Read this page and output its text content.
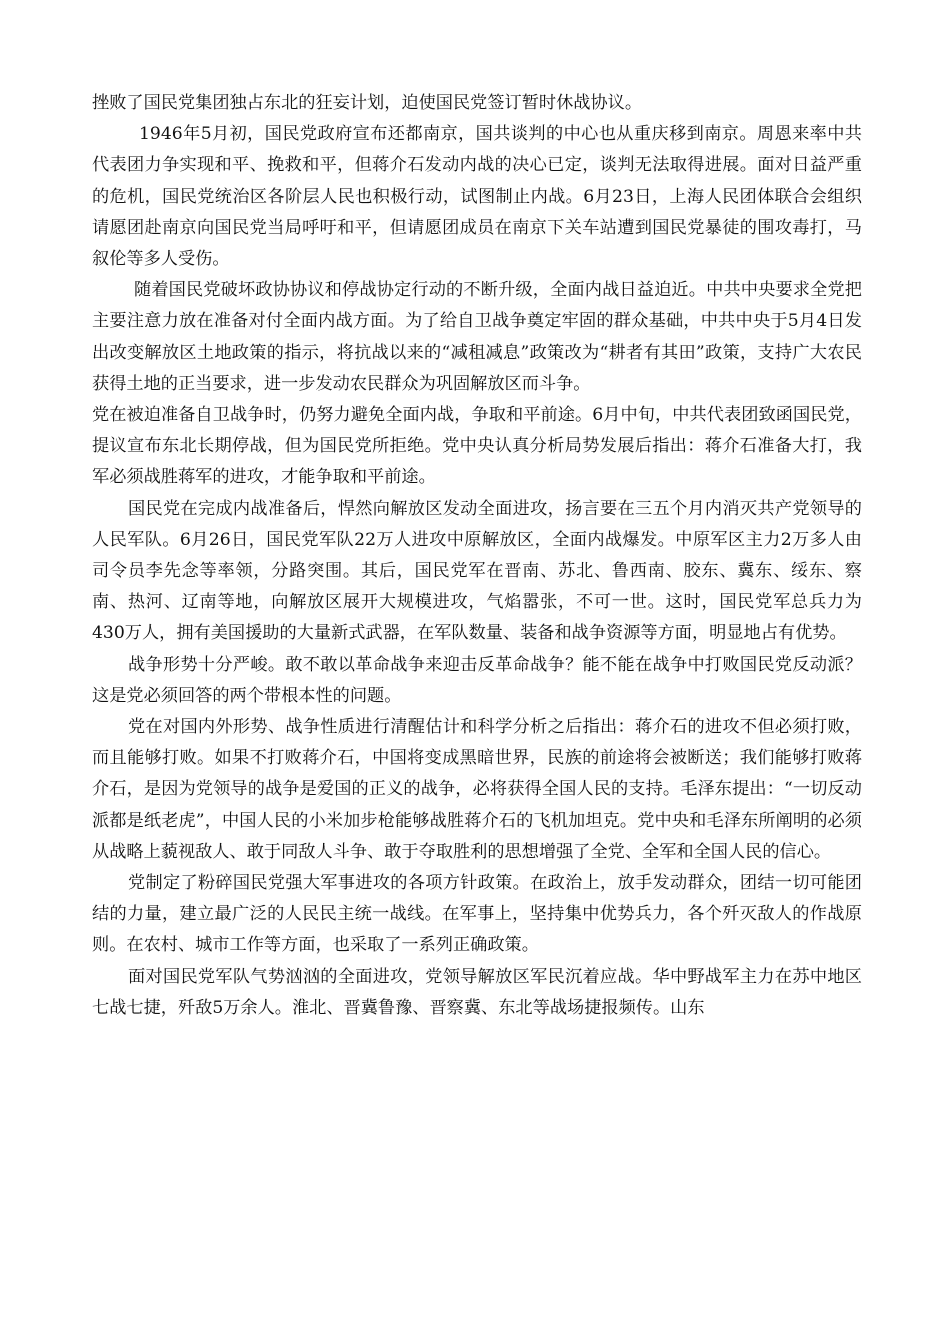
挫败了国民党集团独占东北的狂妄计划，迫使国民党签订暂时休战协议。

1946年5月初，国民党政府宣布还都南京，国共谈判的中心也从重庆移到南京。周恩来率中共代表团力争实现和平、挽救和平，但蒋介石发动内战的决心已定，谈判无法取得进展。面对日益严重的危机，国民党统治区各阶层人民也积极行动，试图制止内战。6月23日，上海人民团体联合会组织请愿团赴南京向国民党当局呼吁和平，但请愿团成员在南京下关车站遭到国民党暴徒的围攻毒打，马叙伦等多人受伤。

随着国民党破坏政协协议和停战协定行动的不断升级，全面内战日益迫近。中共中央要求全党把主要注意力放在准备对付全面内战方面。为了给自卫战争奠定牢固的群众基础，中共中央于5月4日发出改变解放区土地政策的指示，将抗战以来的“减租减息”政策改为“耕者有其田”政策，支持广大农民获得土地的正当要求，进一步发动农民群众为巩固解放区而斗争。

党在被迫准备自卫战争时，仍努力避免全面内战，争取和平前途。6月中旬，中共代表团致函国民党，提议宣布东北长期停战，但为国民党所拒绝。党中央认真分析局势发展后指出：蒋介石准备大打，我军必须战胜蒋军的进攻，才能争取和平前途。

国民党在完成内战准备后，悍然向解放区发动全面进攻，扬言要在三五个月内消灭共产党领导的人民军队。6月26日，国民党军队22万人进攻中原解放区，全面内战爆发。中原军区主力2万多人由司令员李先念等率领，分路突围。其后，国民党军在晋南、苏北、鲁西南、胶东、冀东、绥东、察南、热河、辽南等地，向解放区展开大规模进攻，气焰嚣张，不可一世。这时，国民党军总兵力为430万人，拥有美国援助的大量新式武器，在军队数量、装备和战争资源等方面，明显地占有优势。

战争形势十分严峻。敢不敢以革命战争来迎击反革命战争？能不能在战争中打败国民党反动派？这是党必须回答的两个带根本性的问题。

党在对国内外形势、战争性质进行清醒估计和科学分析之后指出：蒋介石的进攻不但必须打败，而且能够打败。如果不打败蒋介石，中国将变成黑暗世界，民族的前途将会被断送；我们能够打败蒋介石，是因为党领导的战争是爱国的正义的战争，必将获得全国人民的支持。毛泽东提出：“一切反动派都是纸老虎”，中国人民的小米加步枪能够战胜蒋介石的飞机加坦克。党中央和毛泽东所阐明的必须从战略上藐视敌人、敢于同敌人斗争、敢于夺取胜利的思想增强了全党、全军和全国人民的信心。

党制定了粉碎国民党强大军事进攻的各项方针政策。在政治上，放手发动群众，团结一切可能团结的力量，建立最广泛的人民民主统一战线。在军事上，坚持集中优势兵力，各个歼灭敌人的作战原则。在农村、城市工作等方面，也采取了一系列正确政策。

面对国民党军队气势汹汹的全面进攻，党领导解放区军民沉着应战。华中野战军主力在苏中地区七战七捷，歼敌5万余人。淮北、晋冀鲁豫、晋察冀、东北等战场捷报频传。山东
